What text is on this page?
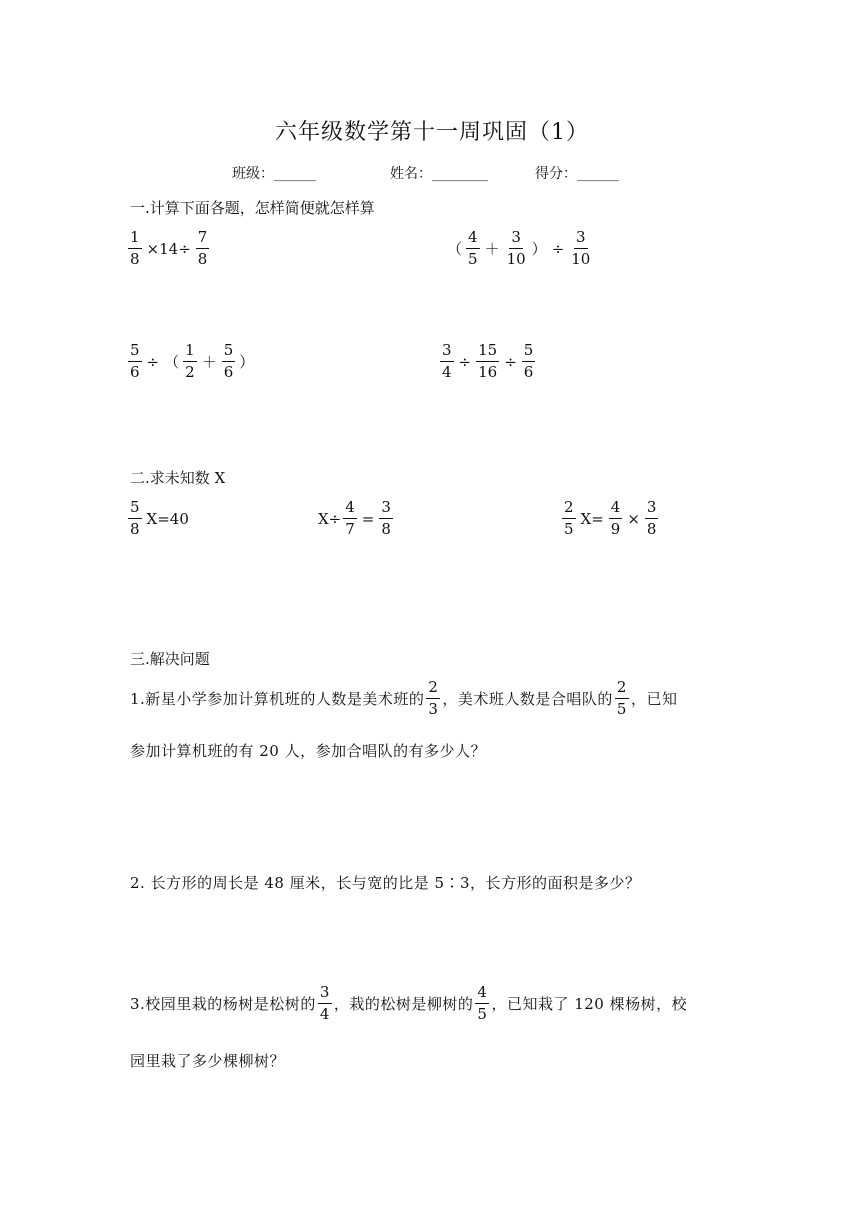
六年级数学第十一周巩固（1）
班级：______	姓名：________	得分：______
一.计算下面各题，怎样简便就怎样算
$\frac{1}{8} \times 14\div \frac{7}{8}$	（ $\frac{4}{5} + \frac{3}{10}$ ） ÷ $\frac{3}{10}$
$\frac{5}{6}$ ÷ （ $\frac{1}{2} + \frac{5}{6}$ ）	$\frac{3}{4} \div \frac{15}{16} \div \frac{5}{6}$
二.求未知数 X
$\frac{5}{8} X=40$	$X\div \frac{4}{7} = \frac{3}{8}$	$\frac{2}{5} X= \frac{4}{9} \times \frac{3}{8}$
三.解决问题
1.新星小学参加计算机班的人数是美术班的 $\frac{2}{3}$ ，美术班人数是合唱队的 $\frac{2}{5}$ ，已知
参加计算机班的有 20 人，参加合唱队的有多少人？
2. 长方形的周长是 48 厘米，长与宽的比是 5∶3，长方形的面积是多少？
3.校园里栽的杨树是松树的 $\frac{3}{4}$ ，栽的松树是柳树的 $\frac{4}{5}$ ，已知栽了 120 棵杨树，校
园里栽了多少棵柳树？
